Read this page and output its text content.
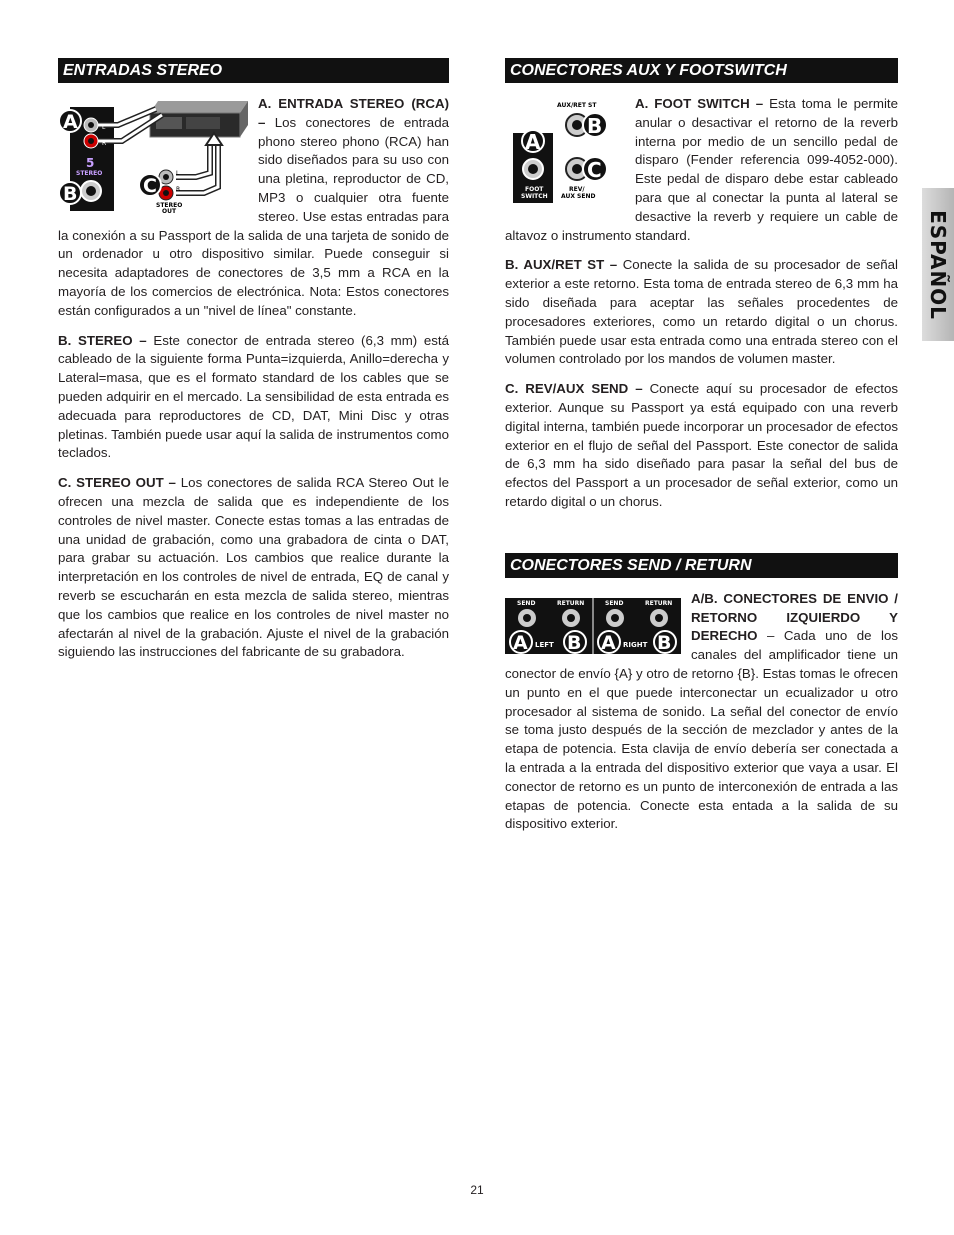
ENTRADAS STEREO
L
R
5
STEREO	L
R
STEREO
OUT
A
B	C

A. ENTRADA STEREO (RCA) – Los conectores de entrada phono stereo phono (RCA) han sido diseñados para su uso con una pletina, reproductor de CD, MP3 o cualquier otra fuente stereo. Use estas entradas para la conexión a su Passport de la salida de una tarjeta de sonido de un ordenador u otro dispositivo similar. Puede conseguir si necesita adaptadores de conectores de 3,5 mm a RCA en la mayoría de los comercios de electrónica. Nota: Estos conectores están configurados a un "nivel de línea" constante.

B. STEREO – Este conector de entrada stereo (6,3 mm) está cableado de la siguiente forma Punta=izquierda, Anillo=derecha y Lateral=masa, que es el formato standard de los cables que se pueden adquirir en el mercado. La sensibilidad de esta entrada es adecuada para reproductores de CD, DAT, Mini Disc y otras pletinas. También puede usar aquí la salida de instrumentos como teclados.

C. STEREO OUT – Los conectores de salida RCA Stereo Out le ofrecen una mezcla de salida que es independiente de los controles de nivel master. Conecte estas tomas a las entradas de una unidad de grabación, como una grabadora de cinta o DAT, para grabar su actuación. Los cambios que realice durante la interpretación en los controles de nivel de entrada, EQ de canal y reverb se escucharán en esta mezcla de salida stereo, mientras que los cambios que realice en los controles de nivel master no afectarán al nivel de la grabación. Ajuste el nivel de la grabación siguiendo las instrucciones del fabricante de su grabadora.

CONECTORES AUX Y FOOTSWITCH
AUX/RET ST
B
A
FOOT
SWITCH
C
REV/
AUX SEND

A. FOOT SWITCH – Esta toma le permite anular o desactivar el retorno de la reverb interna por medio de un sencillo pedal de disparo (Fender referencia 099-4052-000). Este pedal de disparo debe estar cableado para que al conectar la punta al lateral se desactive la reverb y requiere un cable de altavoz o instrumento standard.

B. AUX/RET ST – Conecte la salida de su procesador de señal exterior a este retorno. Esta toma de entrada stereo de 6,3 mm ha sido diseñada para aceptar las señales procedentes de procesadores exteriores, como un retardo digital o un chorus. También puede usar esta entrada como una entrada stereo con el volumen controlado por los mandos de volumen master.

C. REV/AUX SEND – Conecte aquí su procesador de efectos exterior. Aunque su Passport ya está equipado con una reverb digital interna, también puede incorporar un procesador de efectos exterior en el flujo de señal del Passport. Este conector de salida de 6,3 mm ha sido diseñado para pasar la señal del bus de efectos del Passport a un procesador de señal exterior, como un retardo digital o un chorus.

CONECTORES SEND / RETURN
SEND	RETURN	SEND	RETURN
A LEFT B A RIGHT B

A/B. CONECTORES DE ENVIO / RETORNO IZQUIERDO Y DERECHO – Cada uno de los canales del amplificador tiene un conector de envío {A} y otro de retorno {B}. Estas tomas le ofrecen un punto en el que puede interconectar un ecualizador u otro procesador al sistema de sonido. La señal del conector de envío se toma justo después de la sección de mezclador y antes de la etapa de potencia. Esta clavija de envío debería ser conectada a la entrada a la entrada del dispositivo exterior que vaya a usar. El conector de retorno es un punto de interconexión de entrada a las etapas de potencia. Conecte esta entada a la salida de su dispositivo exterior.

ESPAÑOL
21
